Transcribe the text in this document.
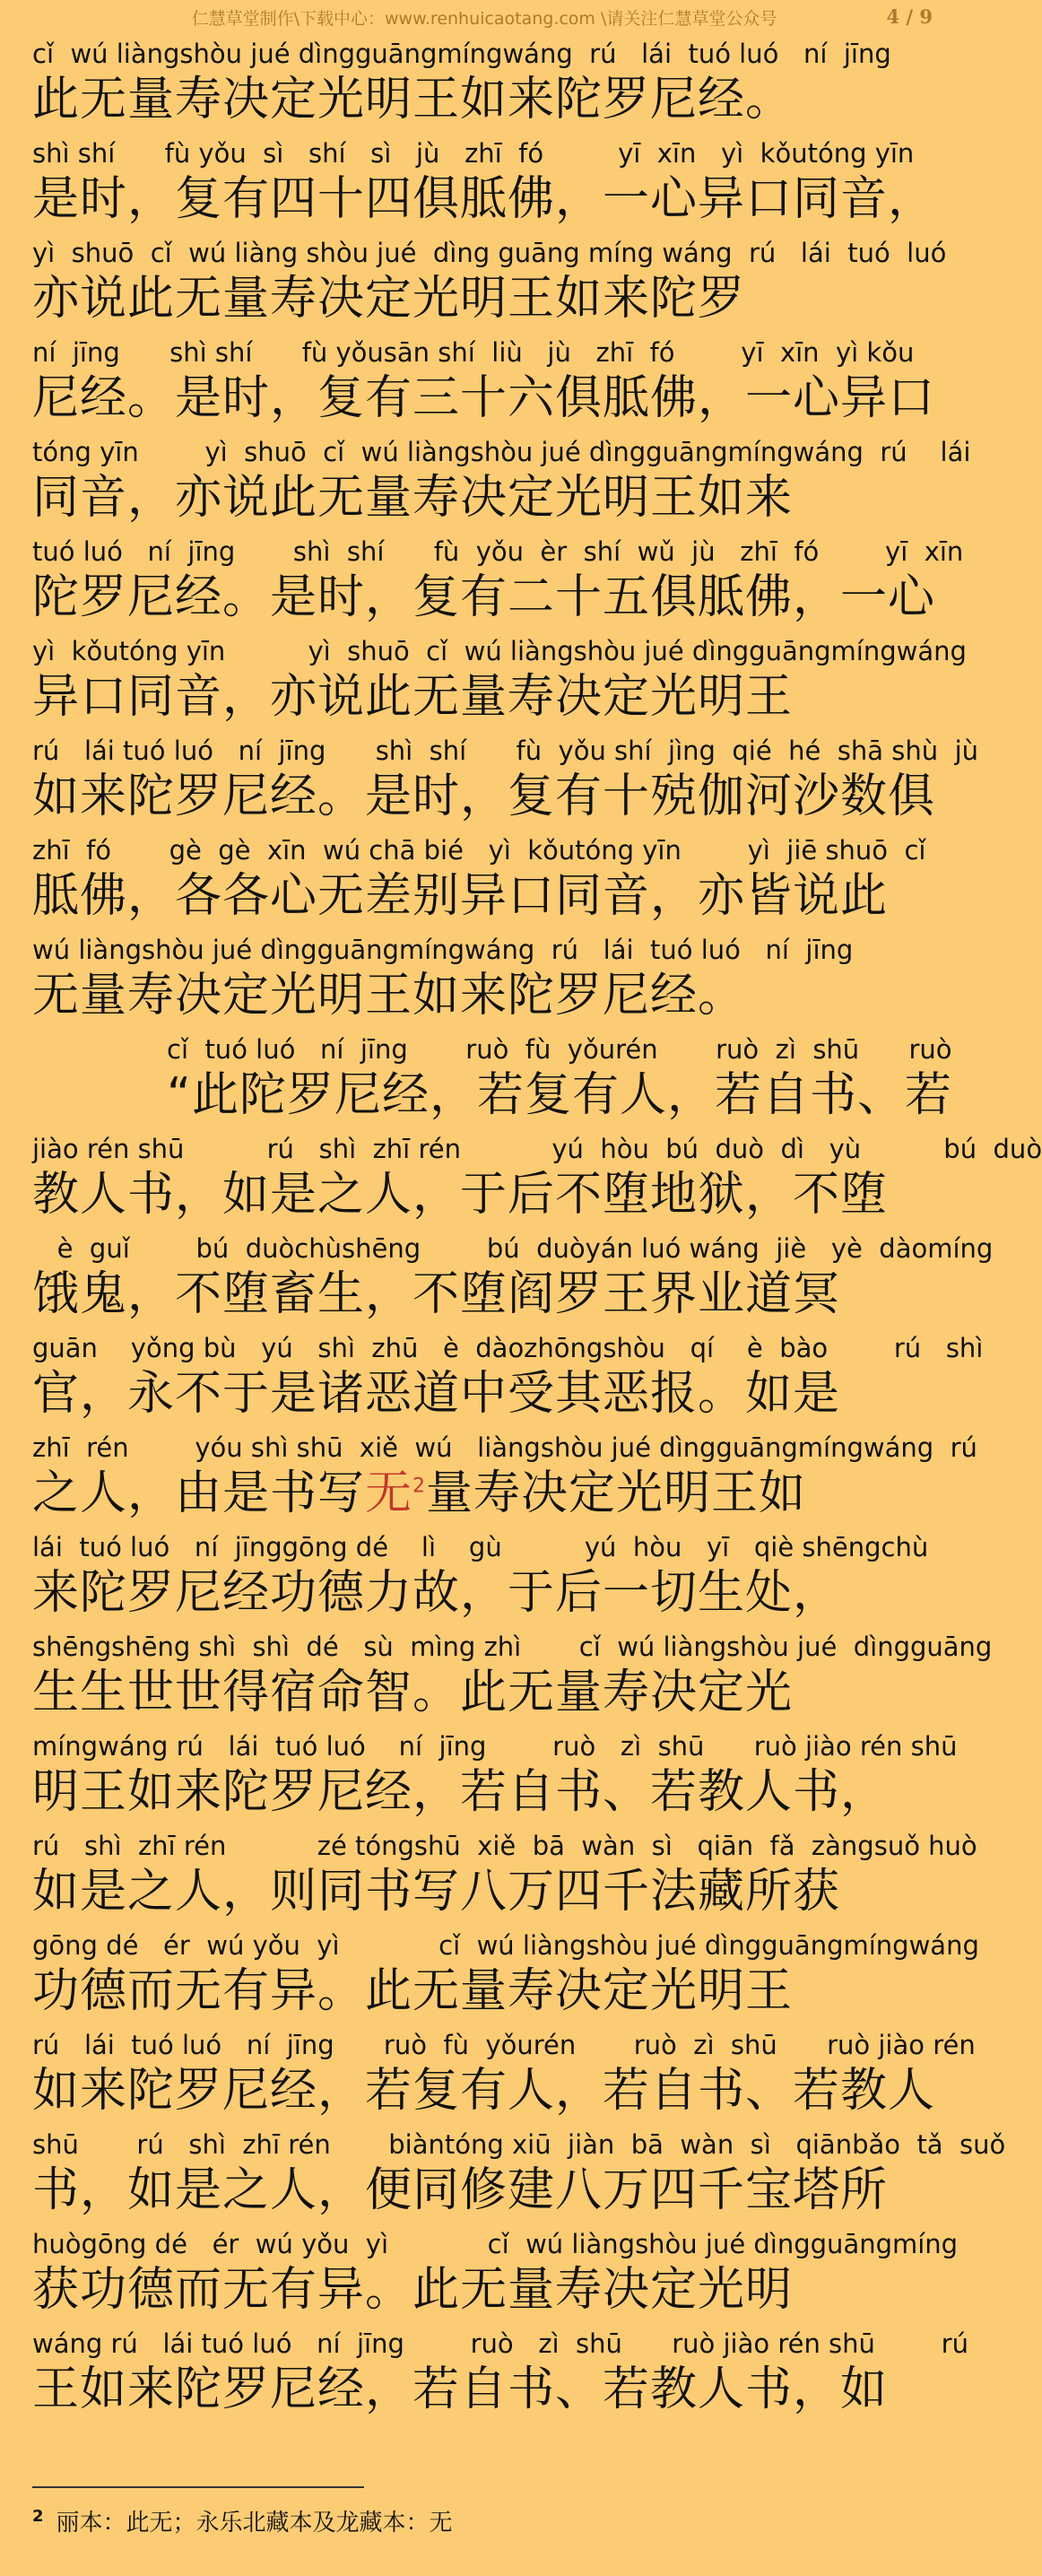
仁慧草堂制作\下载中心：www.renhuicaotang.com \请关注仁慧草堂公众号	4 / 9
cǐ  wú liàngshòu jué dìngguāngmíngwáng  rú   lái  tuó luó   ní  jīng
此无量寿决定光明王如来陀罗尼经。
shì shí      fù yǒu  sì   shí   sì   jù   zhī  fó         yī  xīn   yì  kǒutóng yīn
是时，复有四十四俱胝佛，一心异口同音，
yì  shuō  cǐ  wú liàng shòu jué  dìng guāng míng wáng  rú   lái  tuó  luó
亦说此无量寿决定光明王如来陀罗
ní  jīng      shì shí      fù yǒusān shí  liù   jù   zhī  fó        yī  xīn  yì kǒu
尼经。是时，复有三十六俱胝佛，一心异口
tóng yīn        yì  shuō  cǐ  wú liàngshòu jué dìngguāngmíngwáng  rú    lái
同音，亦说此无量寿决定光明王如来
tuó luó   ní  jīng       shì  shí      fù  yǒu  èr  shí  wǔ  jù   zhī  fó        yī  xīn
陀罗尼经。是时，复有二十五俱胝佛，一心
yì  kǒutóng yīn          yì  shuō  cǐ  wú liàngshòu jué dìngguāngmíngwáng
异口同音，亦说此无量寿决定光明王
rú   lái tuó luó   ní  jīng      shì  shí      fù  yǒu shí  jìng  qié  hé  shā shù  jù
如来陀罗尼经。是时，复有十殑伽河沙数俱
zhī  fó       gè  gè  xīn  wú chā bié   yì  kǒutóng yīn        yì  jiē shuō  cǐ
胝佛，各各心无差别异口同音，亦皆说此
wú liàngshòu jué dìngguāngmíngwáng  rú   lái  tuó luó   ní  jīng
无量寿决定光明王如来陀罗尼经。
cǐ  tuó luó   ní  jīng       ruò  fù  yǒurén       ruò  zì  shū      ruò
“此陀罗尼经，若复有人，若自书、若
jiào rén shū          rú   shì  zhī rén           yú  hòu  bú  duò  dì   yù          bú  duò
教人书，如是之人，于后不堕地狱，不堕
è  guǐ        bú  duòchùshēng        bú  duòyán luó wáng  jiè   yè  dàomíng
饿鬼，不堕畜生，不堕阎罗王界业道冥
guān    yǒng bù   yú   shì  zhū   è  dàozhōngshòu   qí    è  bào        rú   shì
官，永不于是诸恶道中受其恶报。如是
zhī  rén        yóu shì shū  xiě  wú   liàngshòu jué dìngguāngmíngwáng  rú
之人，由是书写无$^2$量寿决定光明王如
lái  tuó luó   ní  jīnggōng dé    lì    gù          yú  hòu   yī   qiè shēngchù
来陀罗尼经功德力故，于后一切生处，
shēngshēng shì  shì  dé   sù  mìng zhì       cǐ  wú liàngshòu jué  dìngguāng
生生世世得宿命智。此无量寿决定光
míngwáng rú   lái  tuó luó    ní  jīng        ruò   zì  shū      ruò jiào rén shū
明王如来陀罗尼经，若自书、若教人书，
rú   shì  zhī rén           zé tóngshū  xiě  bā  wàn  sì   qiān  fǎ  zàngsuǒ huò
如是之人，则同书写八万四千法藏所获
gōng dé   ér  wú yǒu  yì            cǐ  wú liàngshòu jué dìngguāngmíngwáng
功德而无有异。此无量寿决定光明王
rú   lái  tuó luó   ní  jīng      ruò  fù  yǒurén       ruò  zì  shū      ruò jiào rén
如来陀罗尼经，若复有人，若自书、若教人
shū       rú   shì  zhī rén       biàntóng xiū  jiàn  bā  wàn  sì   qiānbǎo  tǎ  suǒ
书，如是之人，便同修建八万四千宝塔所
huògōng dé   ér  wú yǒu  yì            cǐ  wú liàngshòu jué dìngguāngmíng
获功德而无有异。此无量寿决定光明
wáng rú   lái tuó luó   ní  jīng        ruò   zì  shū      ruò jiào rén shū        rú
王如来陀罗尼经，若自书、若教人书，如
$^2$ 丽本：此无；永乐北藏本及龙藏本：无
